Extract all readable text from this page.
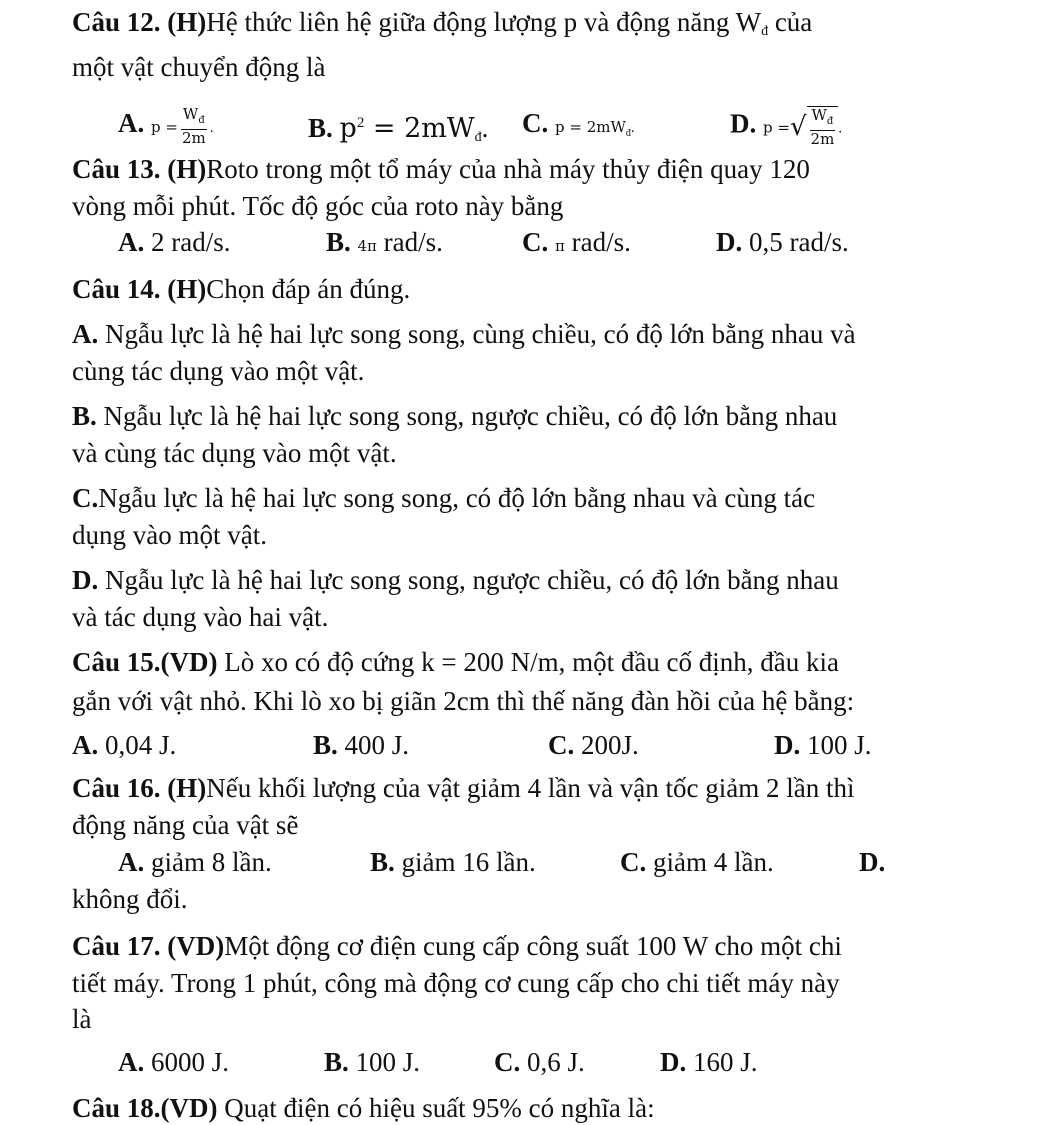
Câu 12. (H)Hệ thức liên hệ giữa động lượng p và động năng $W_đ$ của
một vật chuyển động là
A. $p = \frac{W_đ}{2m}$ .	B. $p^2 = 2mW_đ$. C. $p = 2mW_đ$.	D. p = √ $\frac{W_đ}{2m}$ .
Câu 13. (H)Roto trong một tổ máy của nhà máy thủy điện quay 120
vòng mỗi phút. Tốc độ góc của roto này bằng
A. 2 rad/s.	B. 4π rad/s.	C. π rad/s.	D. 0,5 rad/s.
Câu 14. (H)Chọn đáp án đúng.
A. Ngẫu lực là hệ hai lực song song, cùng chiều, có độ lớn bằng nhau và
cùng tác dụng vào một vật.
B. Ngẫu lực là hệ hai lực song song, ngược chiều, có độ lớn bằng nhau
và cùng tác dụng vào một vật.
C.Ngẫu lực là hệ hai lực song song, có độ lớn bằng nhau và cùng tác
dụng vào một vật.
D. Ngẫu lực là hệ hai lực song song, ngược chiều, có độ lớn bằng nhau
và tác dụng vào hai vật.
Câu 15.(VD) Lò xo có độ cứng k = 200 N/m, một đầu cố định, đầu kia
gắn với vật nhỏ. Khi lò xo bị giãn 2cm thì thế năng đàn hồi của hệ bằng:
A. 0,04 J.	B. 400 J.	C. 200J.	D. 100 J.
Câu 16. (H)Nếu khối lượng của vật giảm 4 lần và vận tốc giảm 2 lần thì
động năng của vật sẽ
A. giảm 8 lần.	B. giảm 16 lần.	C. giảm 4 lần.	D.
không đổi.
Câu 17. (VD)Một động cơ điện cung cấp công suất 100 W cho một chi
tiết máy. Trong 1 phút, công mà động cơ cung cấp cho chi tiết máy này
là
A. 6000 J.	B. 100 J.	C. 0,6 J.	D. 160 J.
Câu 18.(VD) Quạt điện có hiệu suất 95% có nghĩa là:
